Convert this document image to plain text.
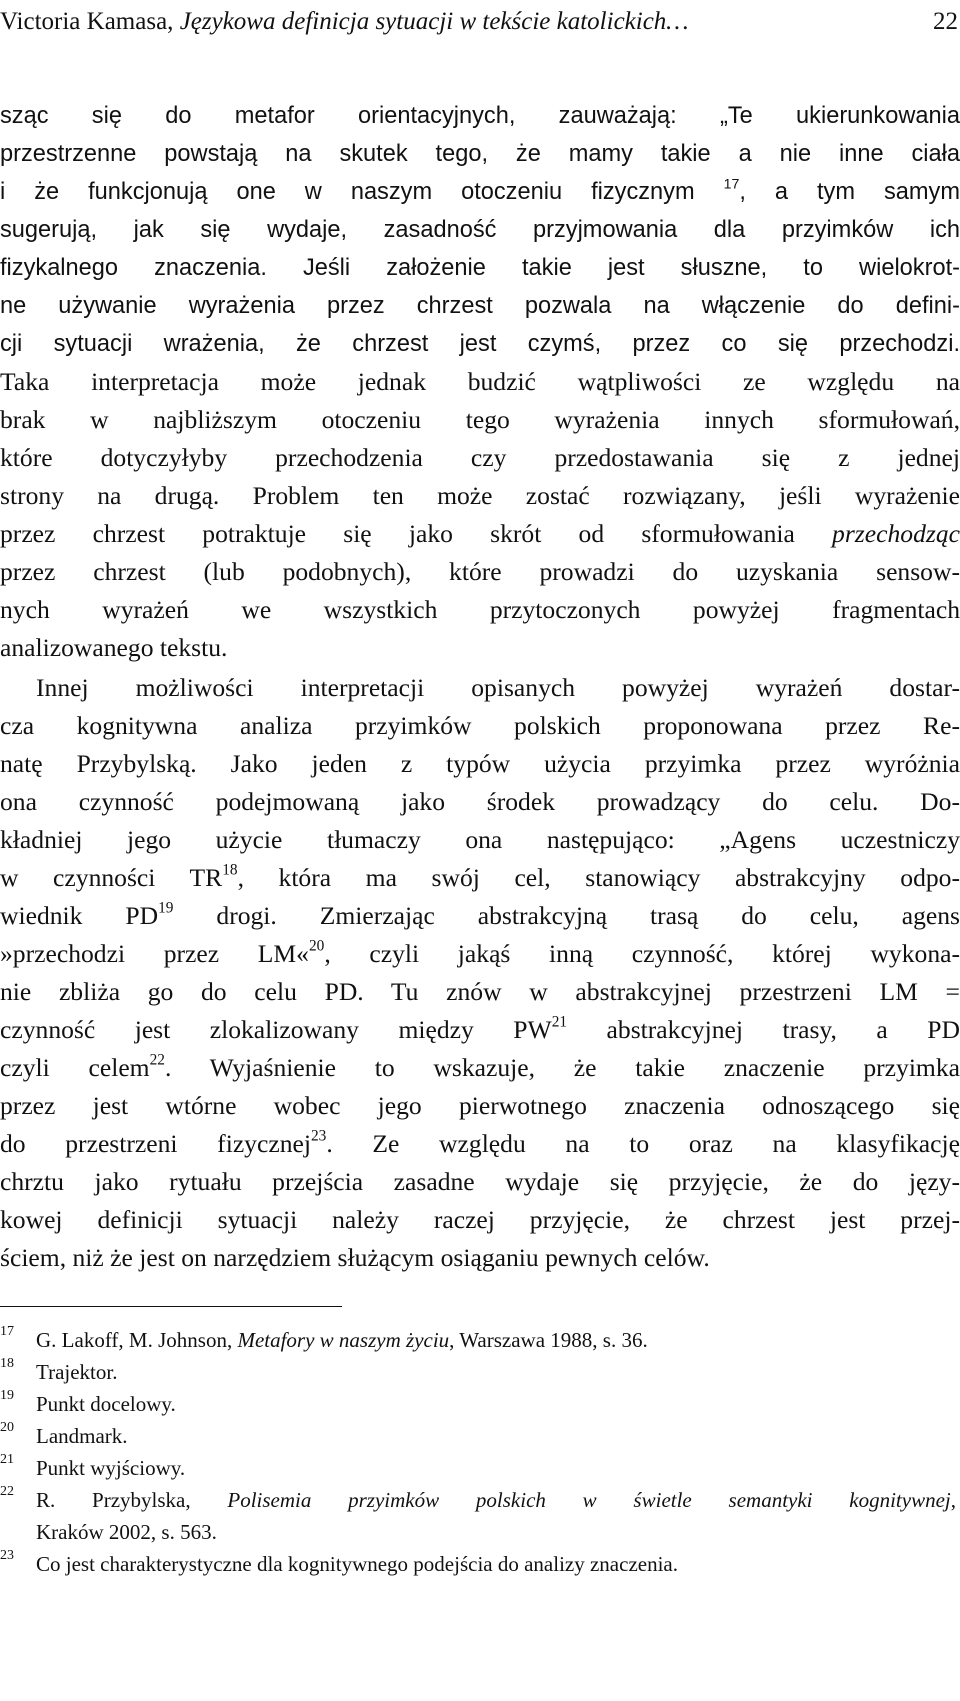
Victoria Kamasa, Językowa definicja sytuacji w tekście katolickich…	22
sząc się do metafor orientacyjnych, zauważają: „Te ukierunkowania
przestrzenne powstają na skutek tego, że mamy takie a nie inne ciała
i że funkcjonują one w naszym otoczeniu fizycznym $^{17}$, a tym samym
sugerują, jak się wydaje, zasadność przyjmowania dla przyimków ich
fizykalnego znaczenia. Jeśli założenie takie jest słuszne, to wielokrot-
ne używanie wyrażenia przez chrzest pozwala na włączenie do defini-
cji sytuacji wrażenia, że chrzest jest czymś, przez co się przechodzi.
Taka interpretacja może jednak budzić wątpliwości ze względu na
brak w najbliższym otoczeniu tego wyrażenia innych sformułowań,
które dotyczyłyby przechodzenia czy przedostawania się z jednej
strony na drugą. Problem ten może zostać rozwiązany, jeśli wyrażenie
przez chrzest potraktuje się jako skrót od sformułowania przechodząc
przez chrzest (lub podobnych), które prowadzi do uzyskania sensow-
nych wyrażeń we wszystkich przytoczonych powyżej fragmentach
analizowanego tekstu.
Innej możliwości interpretacji opisanych powyżej wyrażeń dostar-
cza kognitywna analiza przyimków polskich proponowana przez Re-
natę Przybylską. Jako jeden z typów użycia przyimka przez wyróżnia
ona czynność podejmowaną jako środek prowadzący do celu. Do-
kładniej jego użycie tłumaczy ona następująco: „Agens uczestniczy
w czynności TR$^{18}$, która ma swój cel, stanowiący abstrakcyjny odpo-
wiednik PD$^{19}$ drogi. Zmierzając abstrakcyjną trasą do celu, agens
»przechodzi przez LM«$^{20}$, czyli jakąś inną czynność, której wykona-
nie zbliża go do celu PD. Tu znów w abstrakcyjnej przestrzeni LM =
czynność jest zlokalizowany między PW$^{21}$ abstrakcyjnej trasy, a PD
czyli celem$^{22}$. Wyjaśnienie to wskazuje, że takie znaczenie przyimka
przez jest wtórne wobec jego pierwotnego znaczenia odnoszącego się
do przestrzeni fizycznej$^{23}$. Ze względu na to oraz na klasyfikację
chrztu jako rytuału przejścia zasadne wydaje się przyjęcie, że do języ-
kowej definicji sytuacji należy raczej przyjęcie, że chrzest jest przej-
ściem, niż że jest on narzędziem służącym osiąganiu pewnych celów.
17 G. Lakoff, M. Johnson, Metafory w naszym życiu, Warszawa 1988, s. 36.
18 Trajektor.
19 Punkt docelowy.
20 Landmark.
21 Punkt wyjściowy.
22 R. Przybylska, Polisemia przyimków polskich w świetle semantyki kognitywnej,
Kraków 2002, s. 563.
23 Co jest charakterystyczne dla kognitywnego podejścia do analizy znaczenia.
